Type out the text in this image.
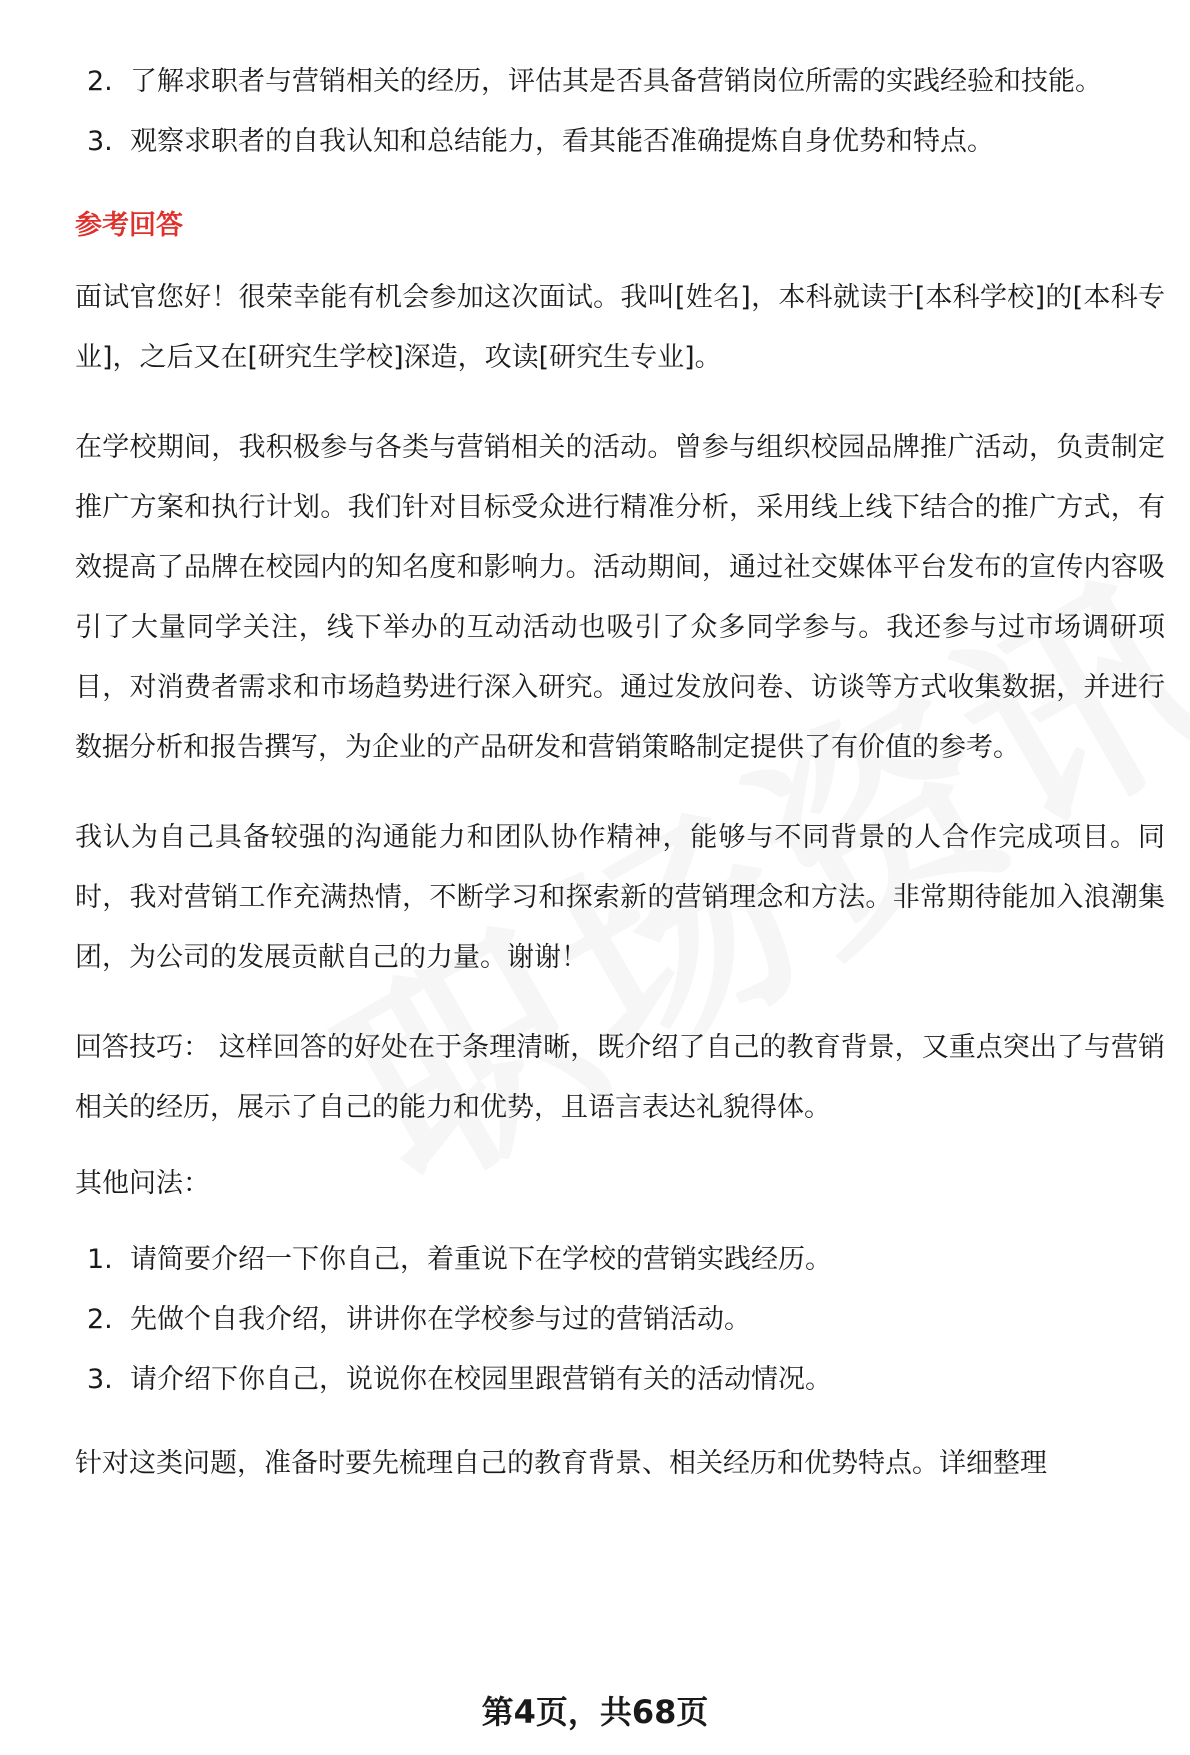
2. 了解求职者与营销相关的经历，评估其是否具备营销岗位所需的实践经验和技能。
3. 观察求职者的自我认知和总结能力，看其能否准确提炼自身优势和特点。
参考回答

面试官您好！很荣幸能有机会参加这次面试。我叫[姓名]，本科就读于[本科学校]的[本科专业]，之后又在[研究生学校]深造，攻读[研究生专业]。

在学校期间，我积极参与各类与营销相关的活动。曾参与组织校园品牌推广活动，负责制定推广方案和执行计划。我们针对目标受众进行精准分析，采用线上线下结合的推广方式，有效提高了品牌在校园内的知名度和影响力。活动期间，通过社交媒体平台发布的宣传内容吸引了大量同学关注，线下举办的互动活动也吸引了众多同学参与。我还参与过市场调研项目，对消费者需求和市场趋势进行深入研究。通过发放问卷、访谈等方式收集数据，并进行数据分析和报告撰写，为企业的产品研发和营销策略制定提供了有价值的参考。

我认为自己具备较强的沟通能力和团队协作精神，能够与不同背景的人合作完成项目。同时，我对营销工作充满热情，不断学习和探索新的营销理念和方法。非常期待能加入浪潮集团，为公司的发展贡献自己的力量。谢谢！

回答技巧： 这样回答的好处在于条理清晰，既介绍了自己的教育背景，又重点突出了与营销相关的经历，展示了自己的能力和优势，且语言表达礼貌得体。

其他问法：

1. 请简要介绍一下你自己，着重说下在学校的营销实践经历。
2. 先做个自我介绍，讲讲你在学校参与过的营销活动。
3. 请介绍下你自己，说说你在校园里跟营销有关的活动情况。

针对这类问题，准备时要先梳理自己的教育背景、相关经历和优势特点。详细整理

第4页，共68页
